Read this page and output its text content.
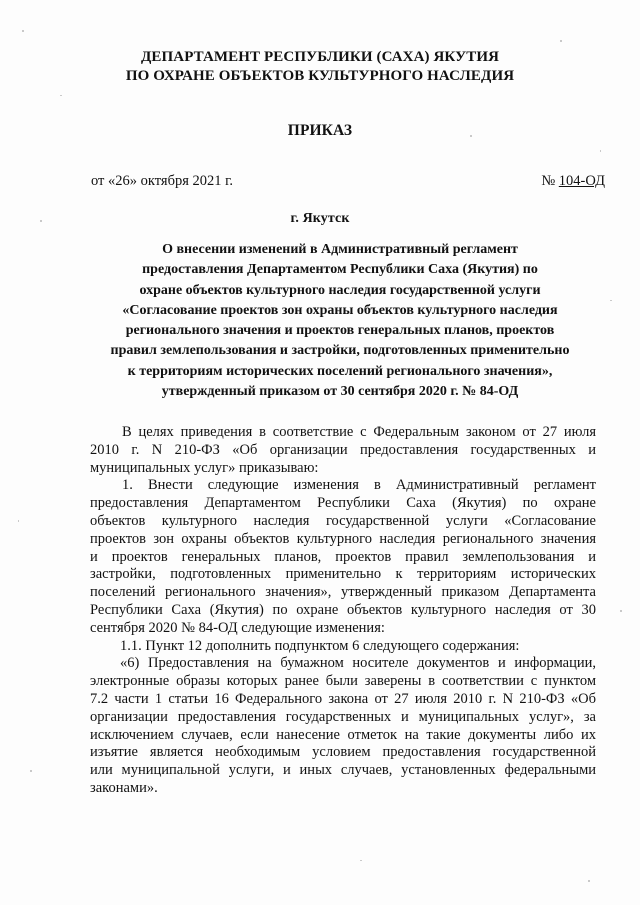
ДЕПАРТАМЕНТ РЕСПУБЛИКИ (САХА) ЯКУТИЯ
ПО ОХРАНЕ ОБЪЕКТОВ КУЛЬТУРНОГО НАСЛЕДИЯ
ПРИКАЗ
от «26» октября 2021 г.	№ 104-ОД
г. Якутск
О внесении изменений в Административный регламент
предоставления Департаментом Республики Саха (Якутия) по
охране объектов культурного наследия государственной услуги
«Согласование проектов зон охраны объектов культурного наследия
регионального значения и проектов генеральных планов, проектов
правил землепользования и застройки, подготовленных применительно
к территориям исторических поселений регионального значения»,
утвержденный приказом от 30 сентября 2020 г. № 84-ОД
В целях приведения в соответствие с Федеральным законом от 27 июля
2010 г. N 210-ФЗ «Об организации предоставления государственных и
муниципальных услуг» приказываю:
1. Внести следующие изменения в Административный регламент
предоставления Департаментом Республики Саха (Якутия) по охране
объектов культурного наследия государственной услуги «Согласование
проектов зон охраны объектов культурного наследия регионального значения
и проектов генеральных планов, проектов правил землепользования и
застройки, подготовленных применительно к территориям исторических
поселений регионального значения», утвержденный приказом Департамента
Республики Саха (Якутия) по охране объектов культурного наследия от 30
сентября 2020 № 84-ОД следующие изменения:
1.1. Пункт 12 дополнить подпунктом 6 следующего содержания:
«6) Предоставления на бумажном носителе документов и информации,
электронные образы которых ранее были заверены в соответствии с пунктом
7.2 части 1 статьи 16 Федерального закона от 27 июля 2010 г. N 210-ФЗ «Об
организации предоставления государственных и муниципальных услуг», за
исключением случаев, если нанесение отметок на такие документы либо их
изъятие является необходимым условием предоставления государственной
или муниципальной услуги, и иных случаев, установленных федеральными
законами».
